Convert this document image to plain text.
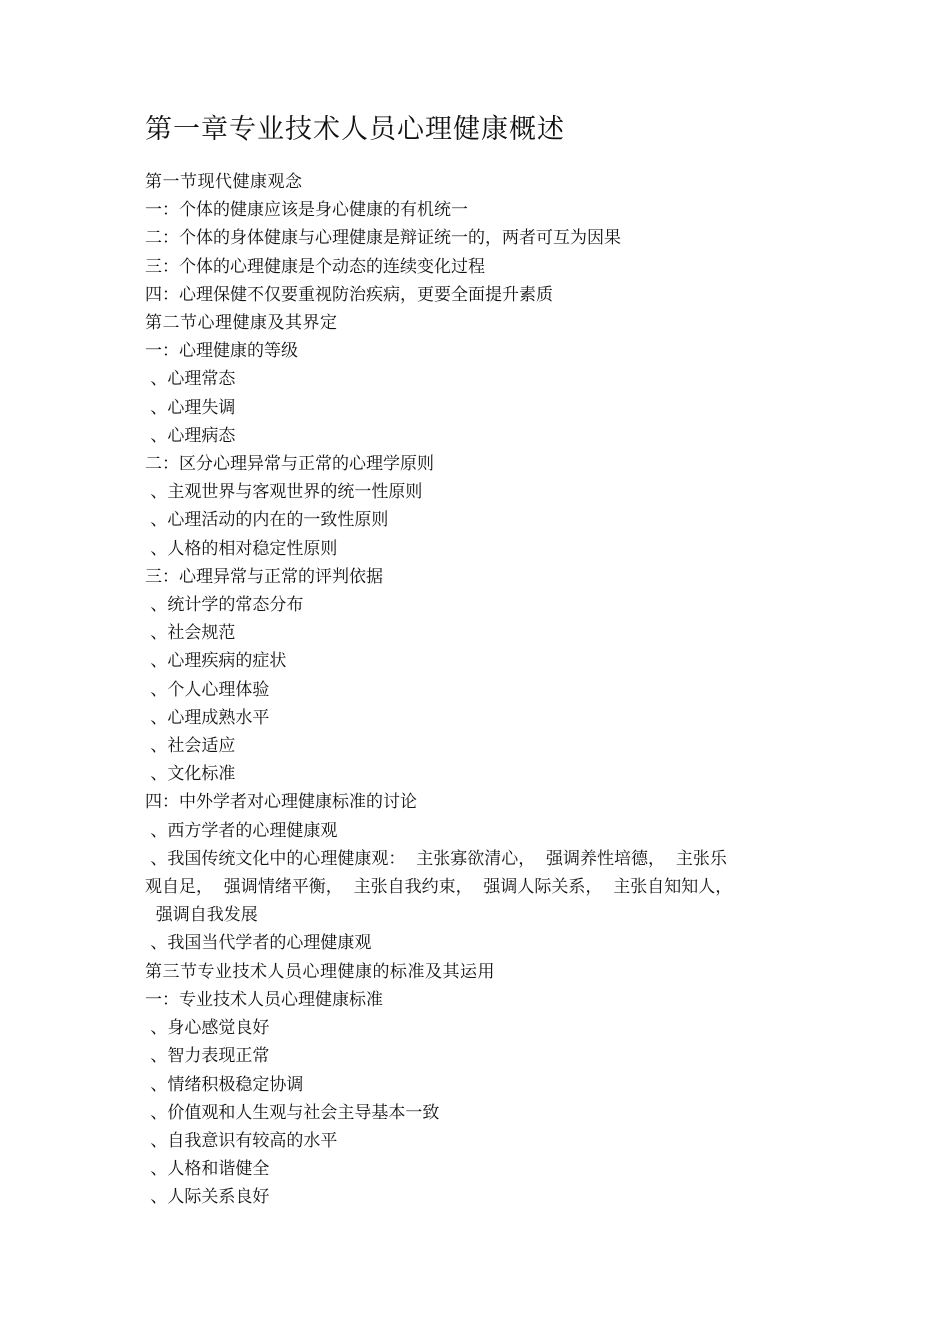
第一章专业技术人员心理健康概述
第一节现代健康观念
一：个体的健康应该是身心健康的有机统一
二：个体的身体健康与心理健康是辩证统一的，两者可互为因果
三：个体的心理健康是个动态的连续变化过程
四：心理保健不仅要重视防治疾病，更要全面提升素质
第二节心理健康及其界定
一：心理健康的等级
、心理常态
、心理失调
、心理病态
二：区分心理异常与正常的心理学原则
、主观世界与客观世界的统一性原则
、心理活动的内在的一致性原则
、人格的相对稳定性原则
三：心理异常与正常的评判依据
、统计学的常态分布
、社会规范
、心理疾病的症状
、个人心理体验
、心理成熟水平
、社会适应
、文化标准
四：中外学者对心理健康标准的讨论
、西方学者的心理健康观
、我国传统文化中的心理健康观：  主张寡欲清心，  强调养性培德，  主张乐
观自足，  强调情绪平衡，  主张自我约束，  强调人际关系，  主张自知知人，
强调自我发展
、我国当代学者的心理健康观
第三节专业技术人员心理健康的标准及其运用
一：专业技术人员心理健康标准
、身心感觉良好
、智力表现正常
、情绪积极稳定协调
、价值观和人生观与社会主导基本一致
、自我意识有较高的水平
、人格和谐健全
、人际关系良好
